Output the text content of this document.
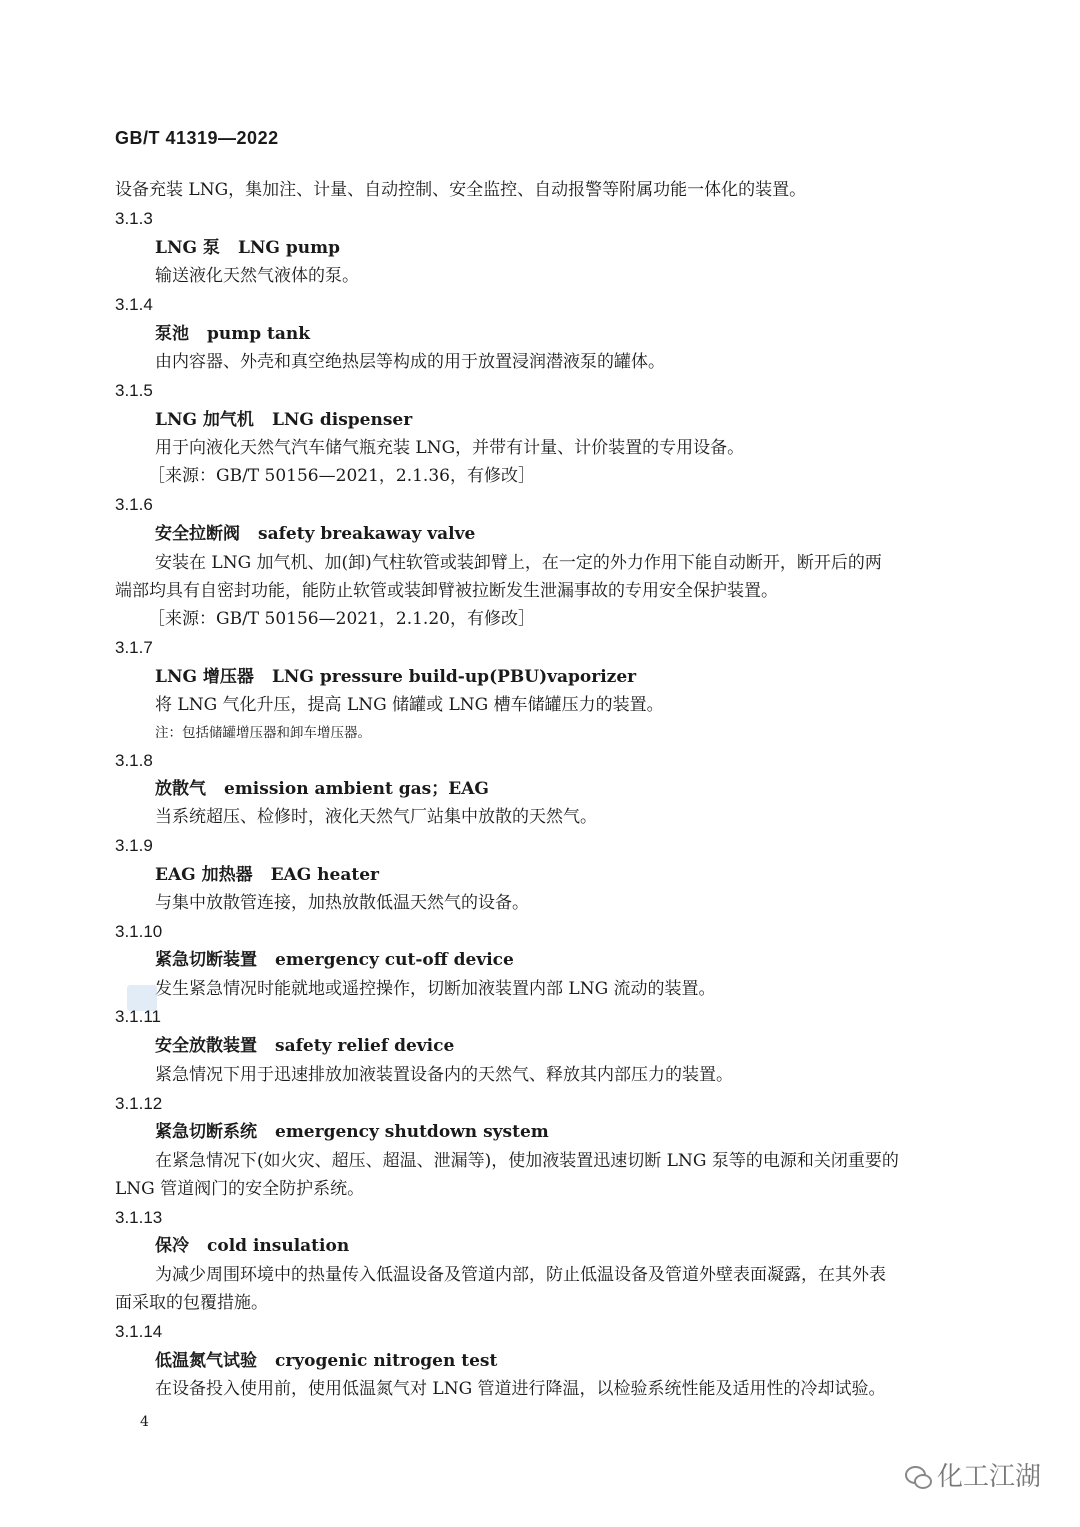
GB/T 41319—2022
设备充装 LNG，集加注、计量、自动控制、安全监控、自动报警等附属功能一体化的装置。
3.1.3
LNG 泵 LNG pump
输送液化天然气液体的泵。
3.1.4
泵池 pump tank
由内容器、外壳和真空绝热层等构成的用于放置浸润潜液泵的罐体。
3.1.5
LNG 加气机 LNG dispenser
用于向液化天然气汽车储气瓶充装 LNG，并带有计量、计价装置的专用设备。
［来源：GB/T 50156—2021，2.1.36，有修改］
3.1.6
安全拉断阀 safety breakaway valve
安装在 LNG 加气机、加(卸)气柱软管或装卸臂上，在一定的外力作用下能自动断开，断开后的两
端部均具有自密封功能，能防止软管或装卸臂被拉断发生泄漏事故的专用安全保护装置。
［来源：GB/T 50156—2021，2.1.20，有修改］
3.1.7
LNG 增压器 LNG pressure build-up(PBU)vaporizer
将 LNG 气化升压，提高 LNG 储罐或 LNG 槽车储罐压力的装置。
注：包括储罐增压器和卸车增压器。
3.1.8
放散气 emission ambient gas；EAG
当系统超压、检修时，液化天然气厂站集中放散的天然气。
3.1.9
EAG 加热器 EAG heater
与集中放散管连接，加热放散低温天然气的设备。
3.1.10
紧急切断装置 emergency cut-off device
发生紧急情况时能就地或遥控操作，切断加液装置内部 LNG 流动的装置。
3.1.11
安全放散装置 safety relief device
紧急情况下用于迅速排放加液装置设备内的天然气、释放其内部压力的装置。
3.1.12
紧急切断系统 emergency shutdown system
在紧急情况下(如火灾、超压、超温、泄漏等)，使加液装置迅速切断 LNG 泵等的电源和关闭重要的
LNG 管道阀门的安全防护系统。
3.1.13
保冷 cold insulation
为减少周围环境中的热量传入低温设备及管道内部，防止低温设备及管道外壁表面凝露，在其外表
面采取的包覆措施。
3.1.14
低温氮气试验 cryogenic nitrogen test
在设备投入使用前，使用低温氮气对 LNG 管道进行降温，以检验系统性能及适用性的冷却试验。
4
化工江湖
